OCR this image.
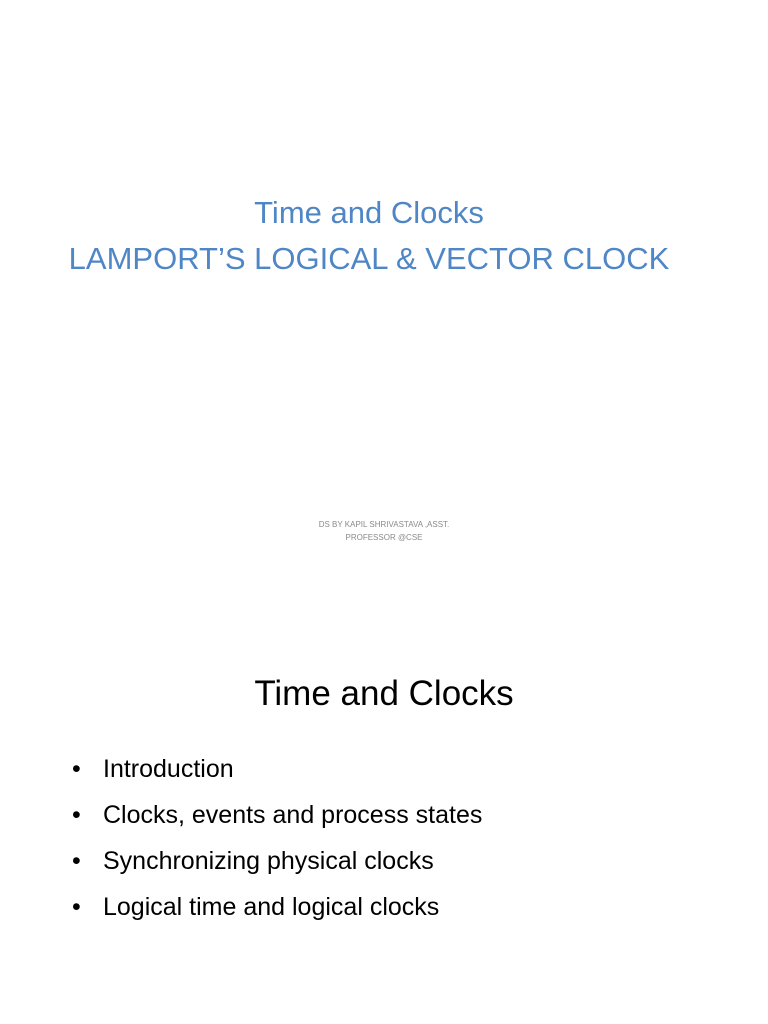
Time and Clocks
LAMPORT’S LOGICAL & VECTOR CLOCK
DS BY KAPIL SHRIVASTAVA ,ASST.
PROFESSOR @CSE
Time and Clocks
• Introduction
• Clocks, events and process states
• Synchronizing physical clocks
• Logical time and logical clocks
